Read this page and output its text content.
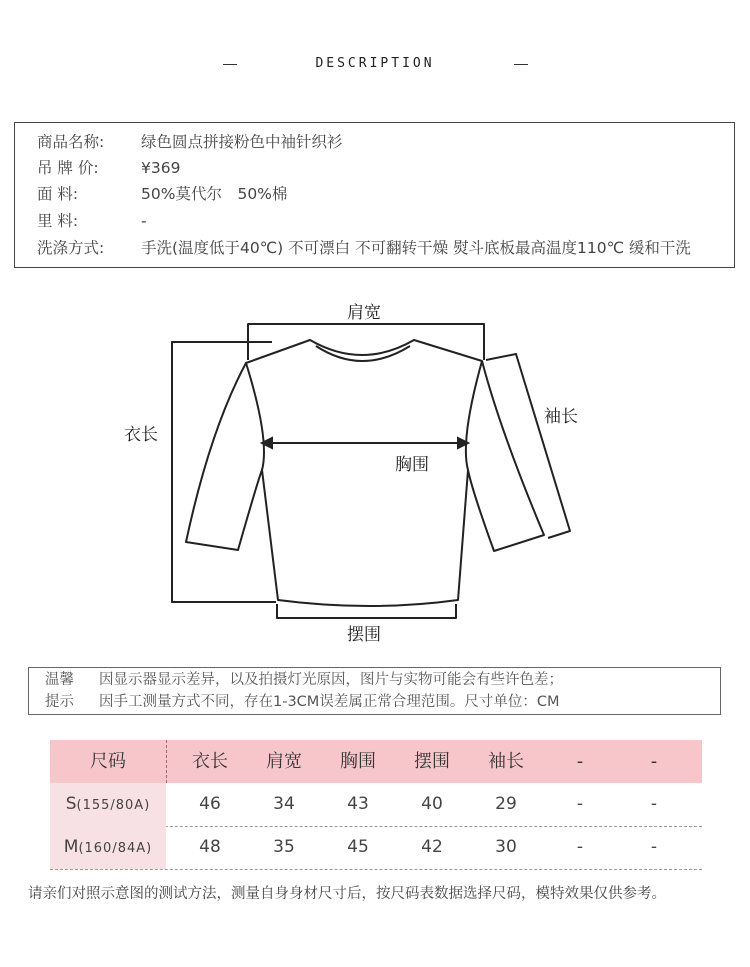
DESCRIPTION
商品名称: 绿色圆点拼接粉色中袖针织衫
吊 牌 价:	¥369
面 料:	50%莫代尔　50%棉
里 料:	-
洗涤方式: 手洗(温度低于40℃) 不可漂白 不可翻转干燥 熨斗底板最高温度110℃ 缓和干洗
肩宽
袖长
衣长
胸围
摆围
温馨 因显示器显示差异，以及拍摄灯光原因，图片与实物可能会有些许色差；
提示 因手工测量方式不同，存在1-3CM误差属正常合理范围。尺寸单位：CM
尺码	衣长	肩宽	胸围	摆围	袖长	-	-
S(155/80A)	46	34	43	40	29	-	-
M(160/84A)	48	35	45	42	30	-	-
请亲们对照示意图的测试方法，测量自身身材尺寸后，按尺码表数据选择尺码，模特效果仅供参考。
